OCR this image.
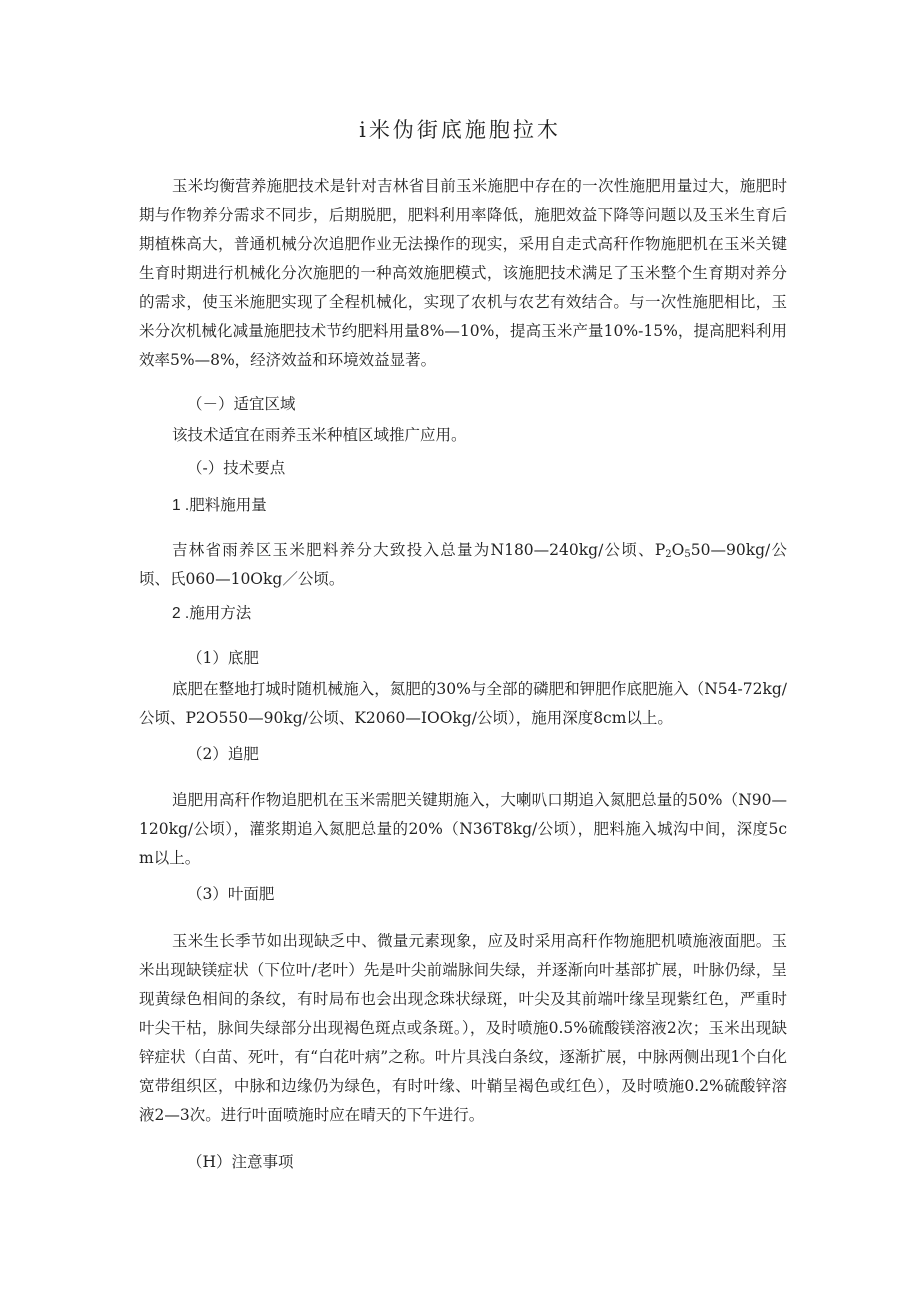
i米伪街底施胞拉木
玉米均衡营养施肥技术是针对吉林省目前玉米施肥中存在的一次性施肥用量过大，施肥时期与作物养分需求不同步，后期脱肥，肥料利用率降低，施肥效益下降等问题以及玉米生育后期植株高大，普通机械分次追肥作业无法操作的现实，采用自走式高秆作物施肥机在玉米关键生育时期进行机械化分次施肥的一种高效施肥模式，该施肥技术满足了玉米整个生育期对养分的需求，使玉米施肥实现了全程机械化，实现了农机与农艺有效结合。与一次性施肥相比，玉米分次机械化减量施肥技术节约肥料用量8%—10%，提高玉米产量10%-15%，提高肥料利用效率5%—8%，经济效益和环境效益显著。
（－）适宜区域
该技术适宜在雨养玉米种植区域推广应用。
（-）技术要点
1 .肥料施用量
吉林省雨养区玉米肥料养分大致投入总量为N180—240kg∕公顷、$P_2O_550—90kg∕$公顷、氏060—10Okg／公顷。
2 .施用方法
（1）底肥
底肥在整地打城时随机械施入，氮肥的30%与全部的磷肥和钾肥作底肥施入（N54-72kg∕公顷、P2O550—90kg∕公顷、K2060—IOOkg∕公顷），施用深度8cm以上。
（2）追肥
追肥用高秆作物追肥机在玉米需肥关键期施入，大喇叭口期追入氮肥总量的50%（N90—120kg∕公顷），灌浆期追入氮肥总量的20%（N36T8kg/公顷），肥料施入城沟中间，深度5cm以上。
（3）叶面肥
玉米生长季节如出现缺乏中、微量元素现象，应及时采用高秆作物施肥机喷施液面肥。玉米出现缺镁症状（下位叶/老叶）先是叶尖前端脉间失绿，并逐渐向叶基部扩展，叶脉仍绿，呈现黄绿色相间的条纹，有时局布也会出现念珠状绿斑，叶尖及其前端叶缘呈现紫红色，严重时叶尖干枯，脉间失绿部分出现褐色斑点或条斑。），及时喷施0.5%硫酸镁溶液2次；玉米出现缺锌症状（白苗、死叶，有“白花叶病”之称。叶片具浅白条纹，逐渐扩展，中脉两侧出现1个白化宽带组织区，中脉和边缘仍为绿色，有时叶缘、叶鞘呈褐色或红色），及时喷施0.2%硫酸锌溶液2—3次。进行叶面喷施时应在晴天的下午进行。
（H）注意事项
